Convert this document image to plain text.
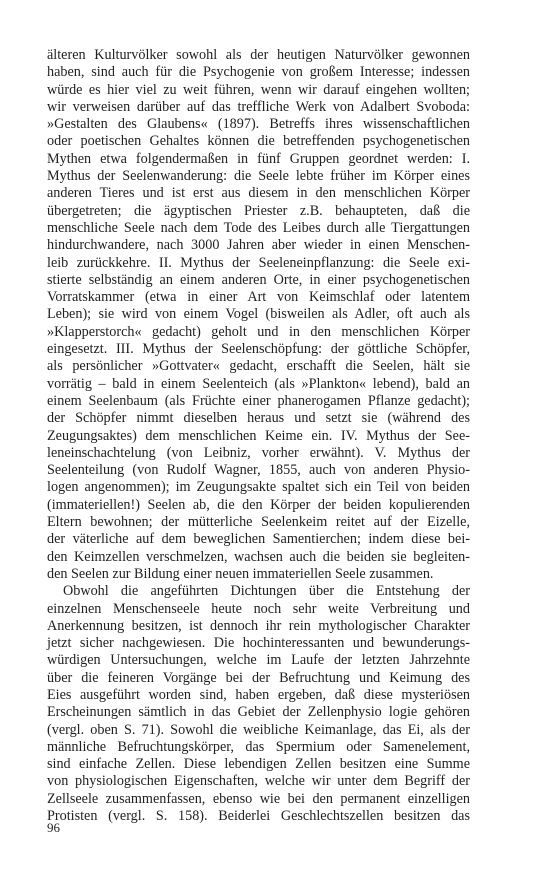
älteren Kulturvölker sowohl als der heutigen Naturvölker gewonnen
haben, sind auch für die Psychogenie von großem Interesse; indessen
würde es hier viel zu weit führen, wenn wir darauf eingehen wollten;
wir verweisen darüber auf das treffliche Werk von Adalbert Svoboda:
»Gestalten des Glaubens« (1897). Betreffs ihres wissenschaftlichen
oder poetischen Gehaltes können die betreffenden psychogenetischen
Mythen etwa folgendermaßen in fünf Gruppen geordnet werden: I.
Mythus der Seelenwanderung: die Seele lebte früher im Körper eines
anderen Tieres und ist erst aus diesem in den menschlichen Körper
übergetreten; die ägyptischen Priester z.B. behaupteten, daß die
menschliche Seele nach dem Tode des Leibes durch alle Tiergattungen
hindurchwandere, nach 3000 Jahren aber wieder in einen Menschen-
leib zurückkehre. II. Mythus der Seeleneinpflanzung: die Seele exi-
stierte selbständig an einem anderen Orte, in einer psychogenetischen
Vorratskammer (etwa in einer Art von Keimschlaf oder latentem
Leben); sie wird von einem Vogel (bisweilen als Adler, oft auch als
»Klapperstorch« gedacht) geholt und in den menschlichen Körper
eingesetzt. III. Mythus der Seelenschöpfung: der göttliche Schöpfer,
als persönlicher »Gottvater« gedacht, erschafft die Seelen, hält sie
vorrätig – bald in einem Seelenteich (als »Plankton« lebend), bald an
einem Seelenbaum (als Früchte einer phanerogamen Pflanze gedacht);
der Schöpfer nimmt dieselben heraus und setzt sie (während des
Zeugungsaktes) dem menschlichen Keime ein. IV. Mythus der See-
leneinschachtelung (von Leibniz, vorher erwähnt). V. Mythus der
Seelenteilung (von Rudolf Wagner, 1855, auch von anderen Physio-
logen angenommen); im Zeugungsakte spaltet sich ein Teil von beiden
(immateriellen!) Seelen ab, die den Körper der beiden kopulierenden
Eltern bewohnen; der mütterliche Seelenkeim reitet auf der Eizelle,
der väterliche auf dem beweglichen Samentierchen; indem diese bei-
den Keimzellen verschmelzen, wachsen auch die beiden sie begleiten-
den Seelen zur Bildung einer neuen immateriellen Seele zusammen.
Obwohl die angeführten Dichtungen über die Entstehung der
einzelnen Menschenseele heute noch sehr weite Verbreitung und
Anerkennung besitzen, ist dennoch ihr rein mythologischer Charakter
jetzt sicher nachgewiesen. Die hochinteressanten und bewunderungs-
würdigen Untersuchungen, welche im Laufe der letzten Jahrzehnte
über die feineren Vorgänge bei der Befruchtung und Keimung des
Eies ausgeführt worden sind, haben ergeben, daß diese mysteriösen
Erscheinungen sämtlich in das Gebiet der Zellenphysio logie gehören
(vergl. oben S. 71). Sowohl die weibliche Keimanlage, das Ei, als der
männliche Befruchtungskörper, das Spermium oder Samenelement,
sind einfache Zellen. Diese lebendigen Zellen besitzen eine Summe
von physiologischen Eigenschaften, welche wir unter dem Begriff der
Zellseele zusammenfassen, ebenso wie bei den permanent einzelligen
Protisten (vergl. S. 158). Beiderlei Geschlechtszellen besitzen das
96
